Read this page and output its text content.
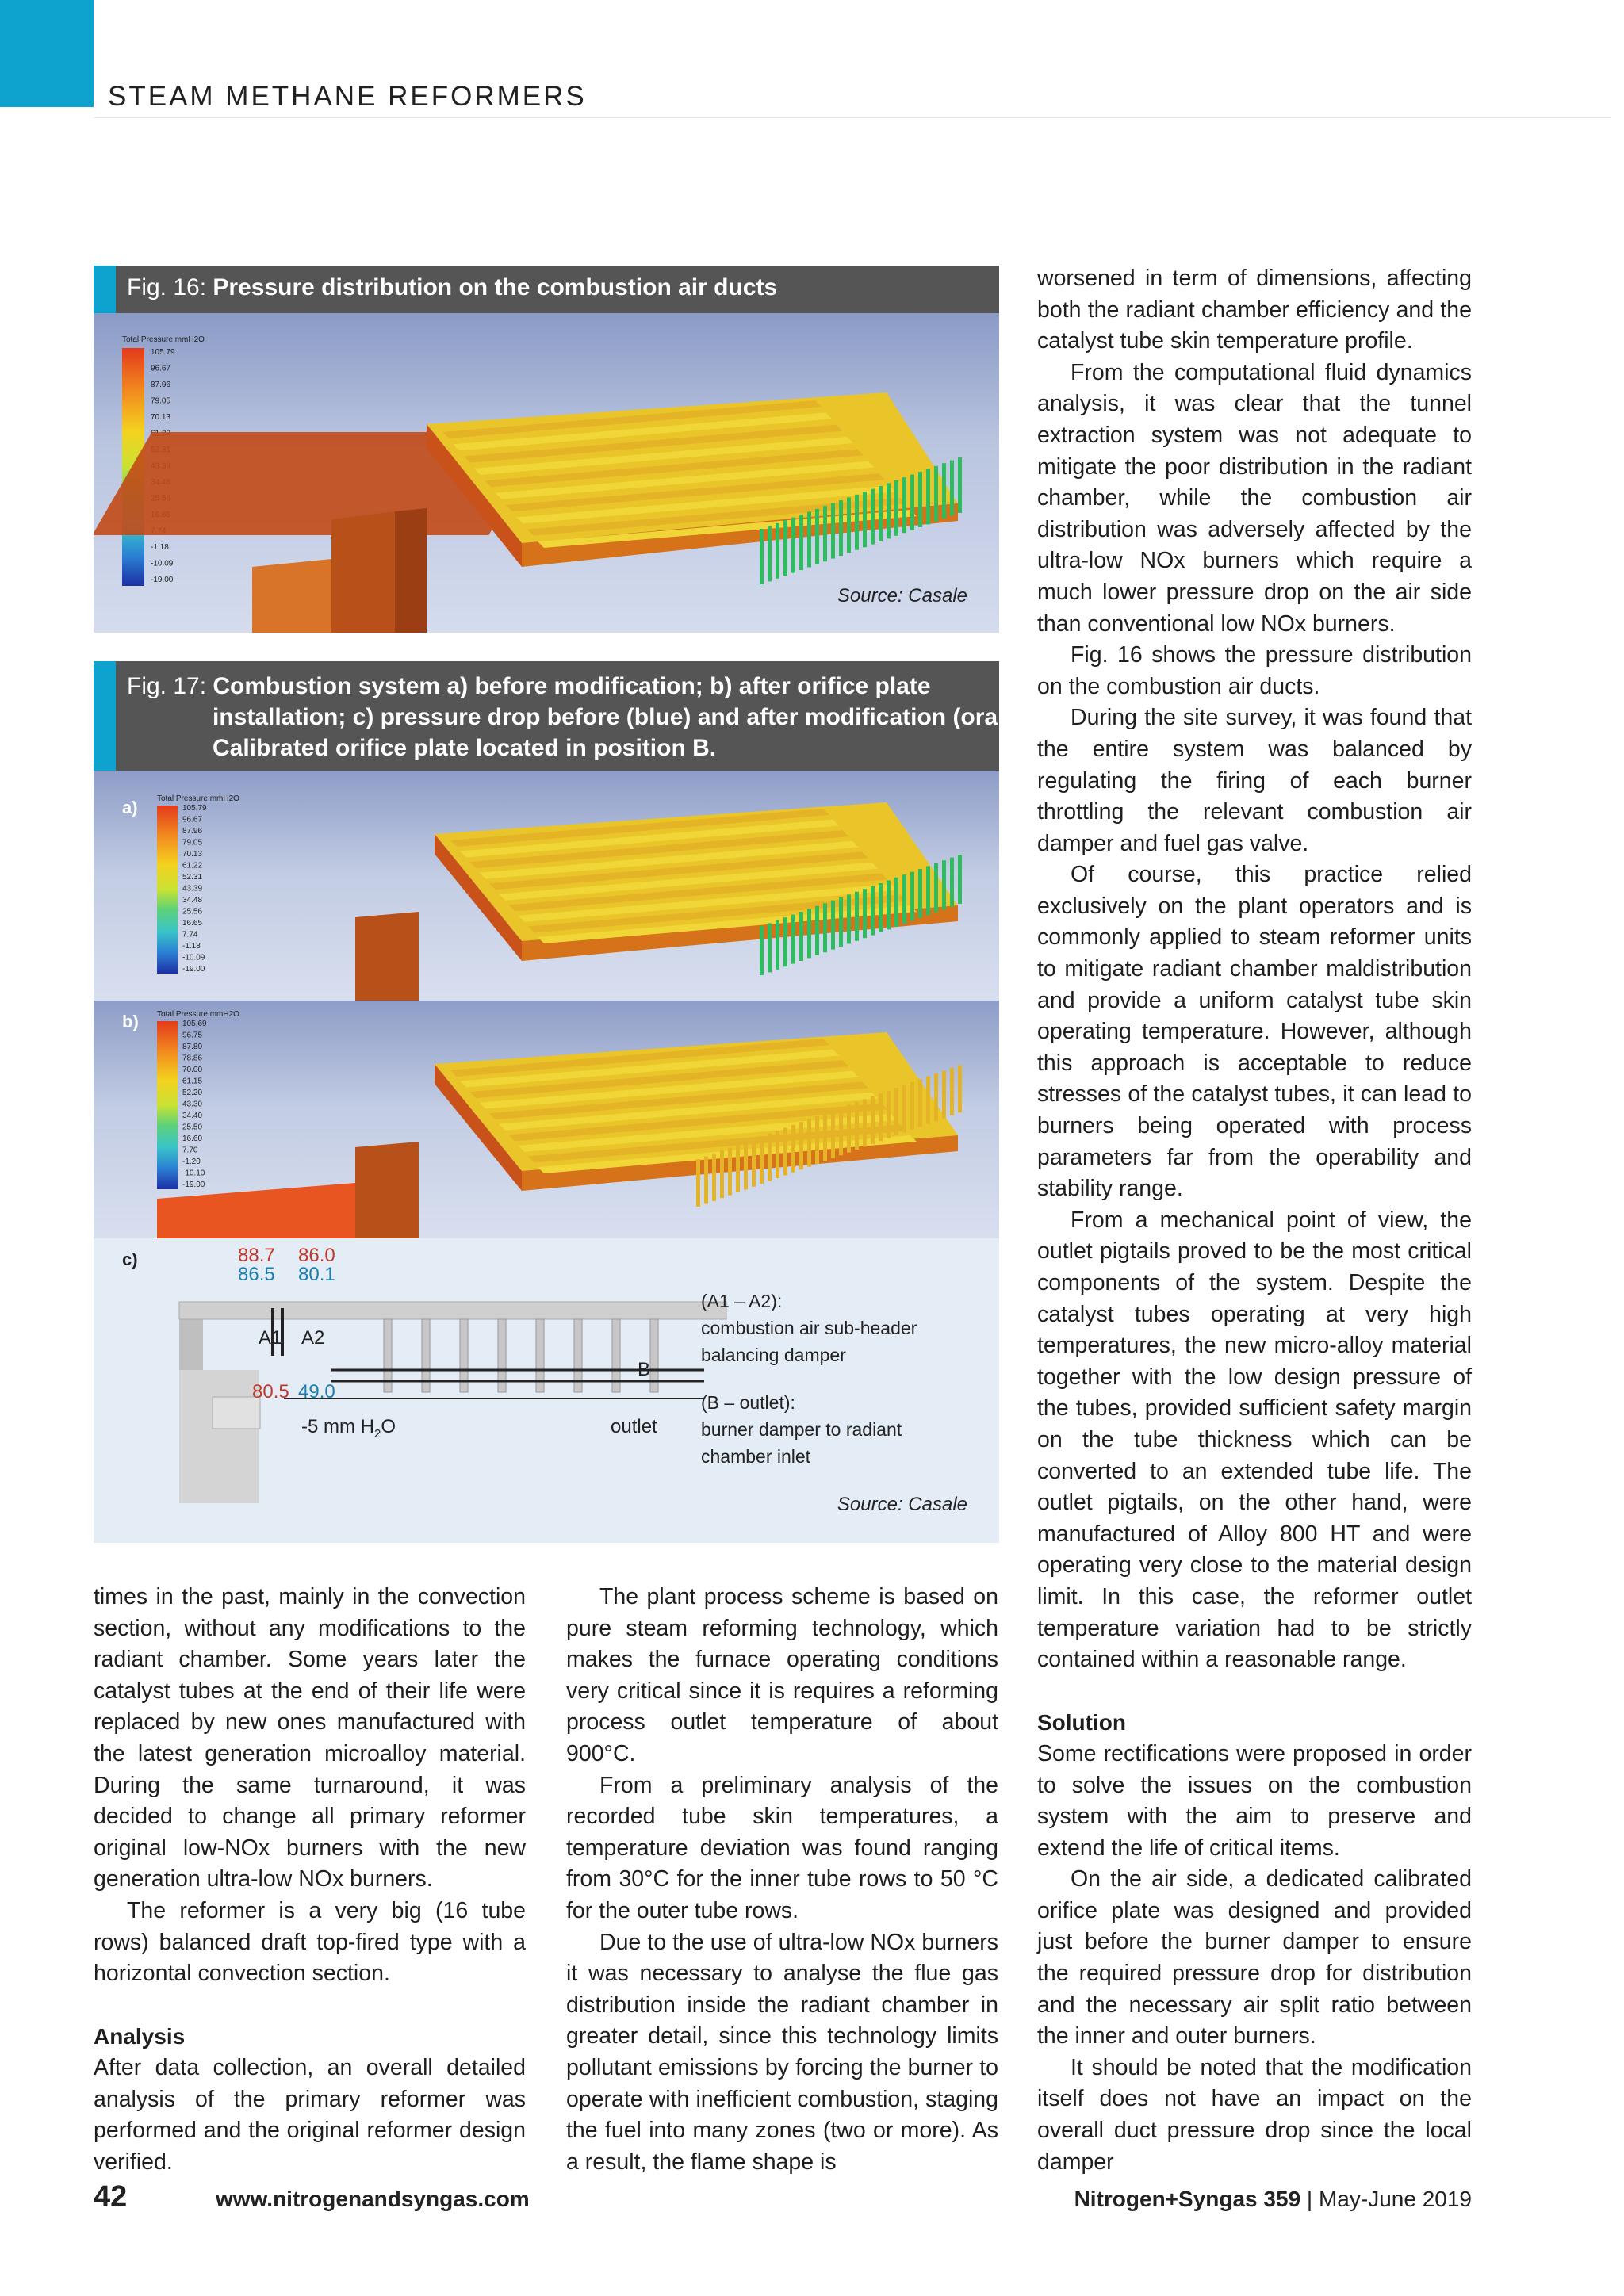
STEAM METHANE REFORMERS
Fig. 16: Pressure distribution on the combustion air ducts
Total Pressure mmH2O
105.79
96.67
87.96
79.05
70.13
-1.18
-10.09
-19.00
Source: Casale
Fig. 17: Combustion system a) before modification; b) after orifice plate
installation; c) pressure drop before (blue) and after modification (orange).
Calibrated orifice plate located in position B.
Total Pressure mmH2O
105.79
96.67
87.96
79.05
70.13
61.22
52.31
43.39
34.48
25.56
16.65
7.74
-1.18
-10.09
-19.00
a)
Total Pressure mmH2O
105.69
96.75
87.80
78.86
70.00
61.15
52.20
43.30
34.40
25.50
16.60
7.70
-1.20
-10.10
-19.00
b)
c)	88.7 86.0
86.5 80.1
A1 A2
B
80.5 49.0
-5 mm $H_2O$	outlet
(A1 – A2):
combustion air sub-header
balancing damper
(B – outlet):
burner damper to radiant
chamber inlet
Source: Casale

times in the past, mainly in the convection section, without any modifications to the radiant chamber. Some years later the catalyst tubes at the end of their life were replaced by new ones manufactured with the latest generation microalloy material. During the same turnaround, it was decided to change all primary reformer original low-NOx burners with the new generation ultra-low NOx burners.

The reformer is a very big (16 tube rows) balanced draft top-fired type with a horizontal convection section.

Analysis

After data collection, an overall detailed analysis of the primary reformer was performed and the original reformer design verified.

The plant process scheme is based on pure steam reforming technology, which makes the furnace operating conditions very critical since it is requires a reforming process outlet temperature of about 900°C.

From a preliminary analysis of the recorded tube skin temperatures, a temperature deviation was found ranging from 30°C for the inner tube rows to 50 °C for the outer tube rows.

Due to the use of ultra-low NOx burners it was necessary to analyse the flue gas distribution inside the radiant chamber in greater detail, since this technology limits pollutant emissions by forcing the burner to operate with inefficient combustion, staging the fuel into many zones (two or more). As a result, the flame shape is

worsened in term of dimensions, affecting both the radiant chamber efficiency and the catalyst tube skin temperature profile.

From the computational fluid dynamics analysis, it was clear that the tunnel extraction system was not adequate to mitigate the poor distribution in the radiant chamber, while the combustion air distribution was adversely affected by the ultra-low NOx burners which require a much lower pressure drop on the air side than conventional low NOx burners.

Fig. 16 shows the pressure distribution on the combustion air ducts.

During the site survey, it was found that the entire system was balanced by regulating the firing of each burner throttling the relevant combustion air damper and fuel gas valve.

Of course, this practice relied exclusively on the plant operators and is commonly applied to steam reformer units to mitigate radiant chamber maldistribution and provide a uniform catalyst tube skin operating temperature. However, although this approach is acceptable to reduce stresses of the catalyst tubes, it can lead to burners being operated with process parameters far from the operability and stability range.

From a mechanical point of view, the outlet pigtails proved to be the most critical components of the system. Despite the catalyst tubes operating at very high temperatures, the new micro-alloy material together with the low design pressure of the tubes, provided sufficient safety margin on the tube thickness which can be converted to an extended tube life. The outlet pigtails, on the other hand, were manufactured of Alloy 800 HT and were operating very close to the material design limit. In this case, the reformer outlet temperature variation had to be strictly contained within a reasonable range.

Solution

Some rectifications were proposed in order to solve the issues on the combustion system with the aim to preserve and extend the life of critical items.

On the air side, a dedicated calibrated orifice plate was designed and provided just before the burner damper to ensure the required pressure drop for distribution and the necessary air split ratio between the inner and outer burners.

It should be noted that the modification itself does not have an impact on the overall duct pressure drop since the local damper

42	www.nitrogenandsyngas.com	Nitrogen+Syngas 359 | May-June 2019
